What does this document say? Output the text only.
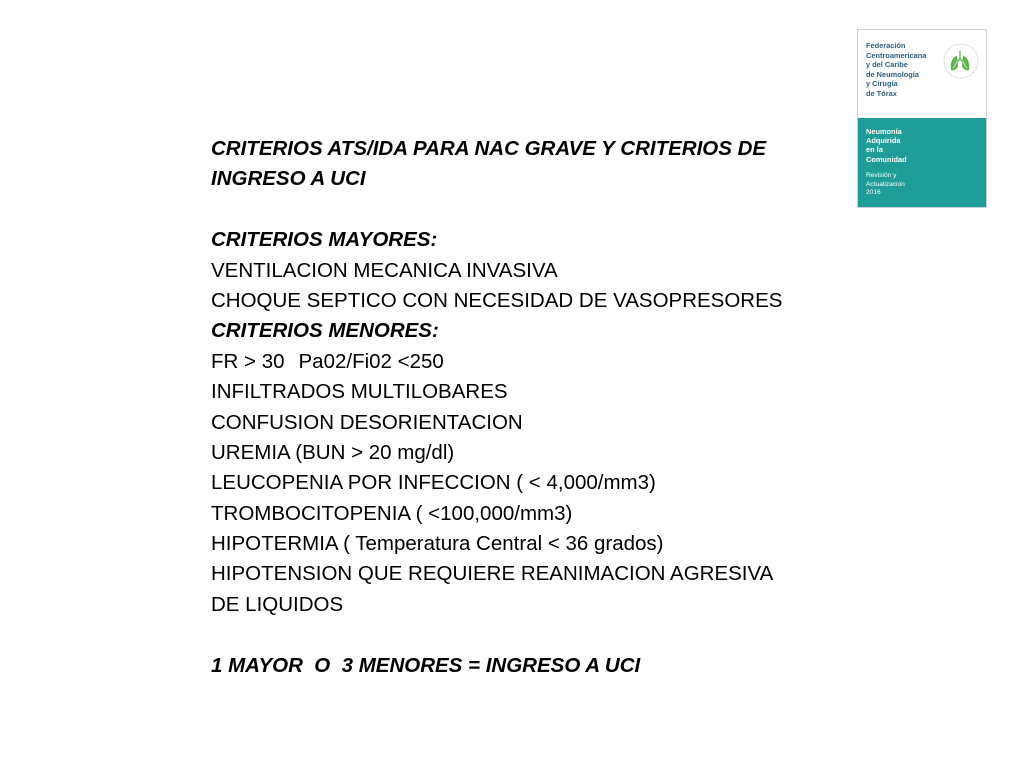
CRITERIOS ATS/IDA PARA NAC GRAVE Y CRITERIOS DE
INGRESO A UCI
CRITERIOS MAYORES:
VENTILACION MECANICA INVASIVA
CHOQUE SEPTICO CON NECESIDAD DE VASOPRESORES
CRITERIOS MENORES:
FR > 30 Pa02/Fi02 <250
INFILTRADOS MULTILOBARES
CONFUSION DESORIENTACION
UREMIA (BUN > 20 mg/dl)
LEUCOPENIA POR INFECCION ( < 4,000/mm3)
TROMBOCITOPENIA ( <100,000/mm3)
HIPOTERMIA ( Temperatura Central < 36 grados)
HIPOTENSION QUE REQUIERE REANIMACION AGRESIVA
DE LIQUIDOS
1 MAYOR  O  3 MENORES = INGRESO A UCI
Federación
Centroamericana
y del Caribe
de Neumología
y Cirugía
de Tórax
Neumonía
Adquirida
en la
Comunidad
Revisión y
Actualización
2016
